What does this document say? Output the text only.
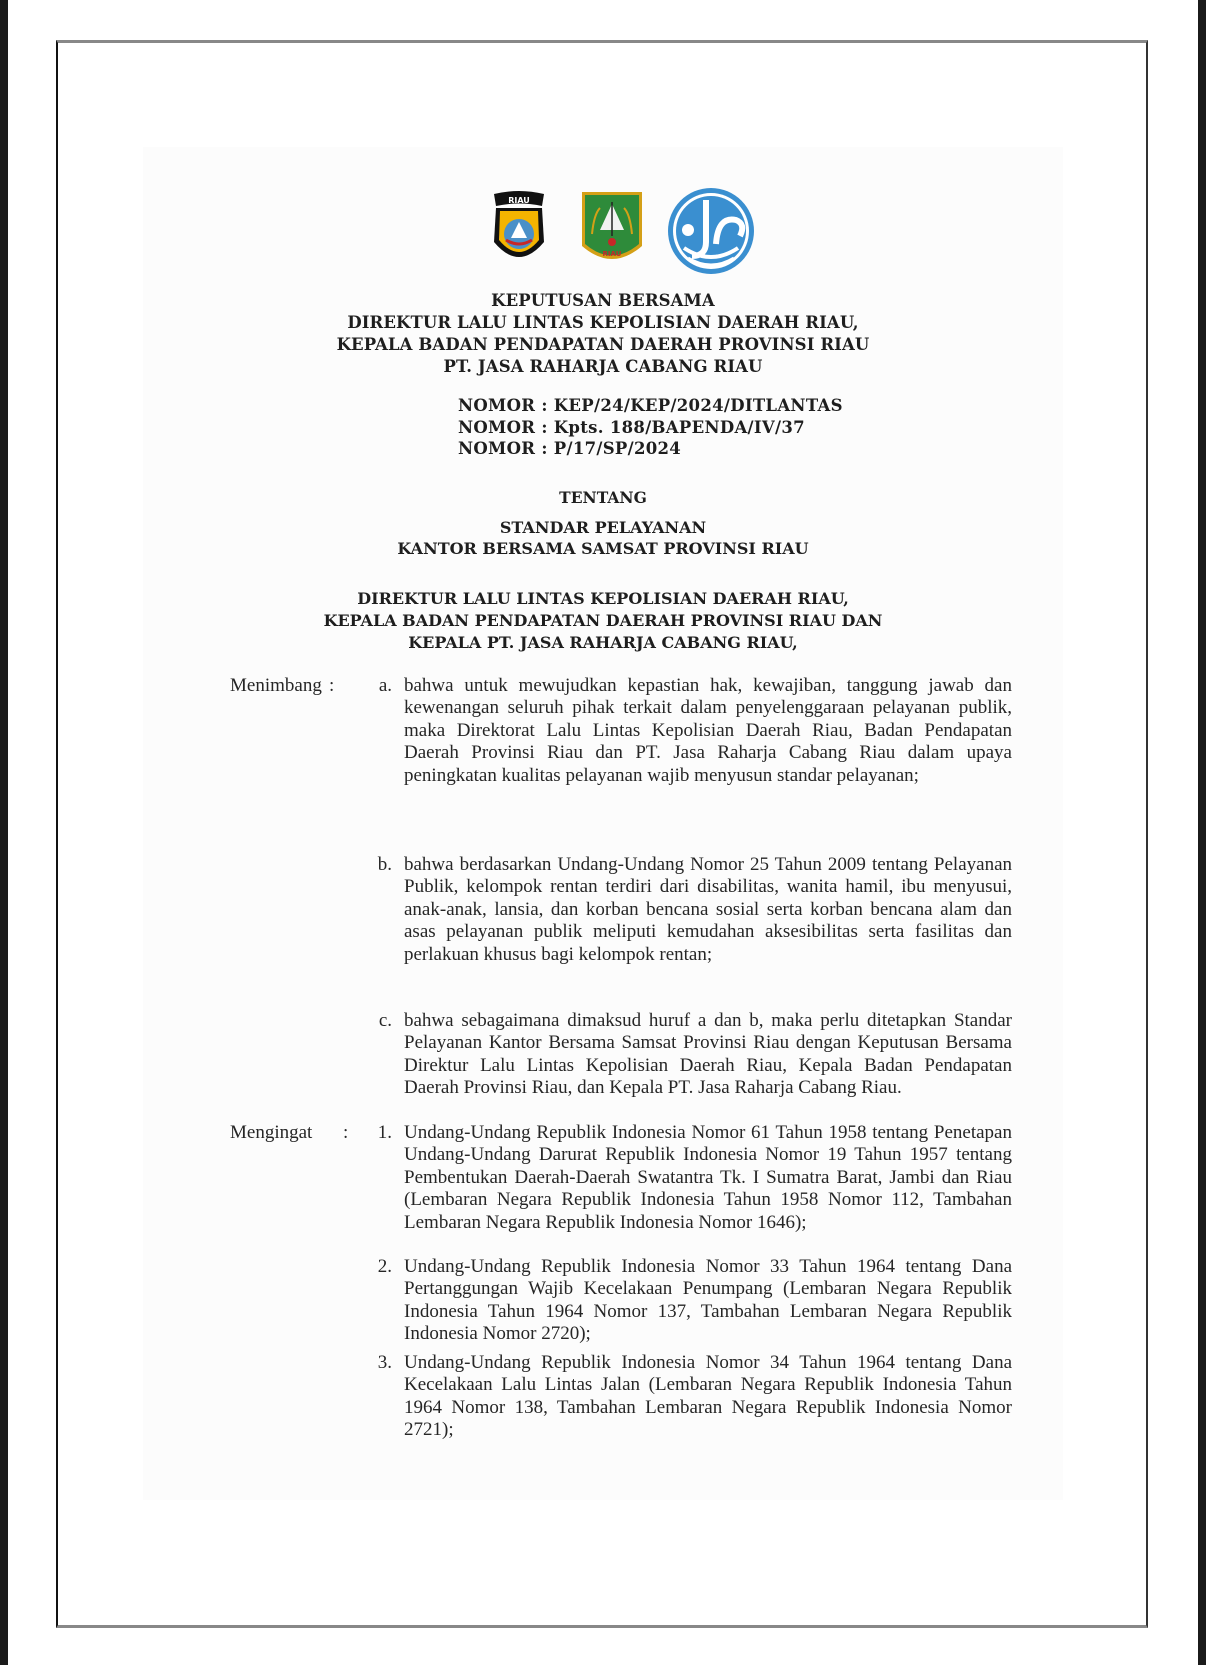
RIAU
RIAU
KEPUTUSAN BERSAMA
DIREKTUR LALU LINTAS KEPOLISIAN DAERAH RIAU,
KEPALA BADAN PENDAPATAN DAERAH PROVINSI RIAU
PT. JASA RAHARJA CABANG RIAU
NOMOR : KEP/24/KEP/2024/DITLANTAS
NOMOR : Kpts. 188/BAPENDA/IV/37
NOMOR : P/17/SP/2024
TENTANG
STANDAR PELAYANAN
KANTOR BERSAMA SAMSAT PROVINSI RIAU
DIREKTUR LALU LINTAS KEPOLISIAN DAERAH RIAU,
KEPALA BADAN PENDAPATAN DAERAH PROVINSI RIAU DAN
KEPALA PT. JASA RAHARJA CABANG RIAU,
Menimbang :	a. bahwa untuk mewujudkan kepastian hak, kewajiban, tanggung jawab dan kewenangan seluruh pihak terkait dalam penyelenggaraan pelayanan publik, maka Direktorat Lalu Lintas Kepolisian Daerah Riau, Badan Pendapatan Daerah Provinsi Riau dan PT. Jasa Raharja Cabang Riau dalam upaya peningkatan kualitas pelayanan wajib menyusun standar pelayanan;
b. bahwa berdasarkan Undang-Undang Nomor 25 Tahun 2009 tentang Pelayanan Publik, kelompok rentan terdiri dari disabilitas, wanita hamil, ibu menyusui, anak-anak, lansia, dan korban bencana sosial serta korban bencana alam dan asas pelayanan publik meliputi kemudahan aksesibilitas serta fasilitas dan perlakuan khusus bagi kelompok rentan;
c. bahwa sebagaimana dimaksud huruf a dan b, maka perlu ditetapkan Standar Pelayanan Kantor Bersama Samsat Provinsi Riau dengan Keputusan Bersama Direktur Lalu Lintas Kepolisian Daerah Riau, Kepala Badan Pendapatan Daerah Provinsi Riau, dan Kepala PT. Jasa Raharja Cabang Riau.
Mengingat :	1. Undang-Undang Republik Indonesia Nomor 61 Tahun 1958 tentang Penetapan Undang-Undang Darurat Republik Indonesia Nomor 19 Tahun 1957 tentang Pembentukan Daerah-Daerah Swatantra Tk. I Sumatra Barat, Jambi dan Riau (Lembaran Negara Republik Indonesia Tahun 1958 Nomor 112, Tambahan Lembaran Negara Republik Indonesia Nomor 1646);
2. Undang-Undang Republik Indonesia Nomor 33 Tahun 1964 tentang Dana Pertanggungan Wajib Kecelakaan Penumpang (Lembaran Negara Republik Indonesia Tahun 1964 Nomor 137, Tambahan Lembaran Negara Republik Indonesia Nomor 2720);
3. Undang-Undang Republik Indonesia Nomor 34 Tahun 1964 tentang Dana Kecelakaan Lalu Lintas Jalan (Lembaran Negara Republik Indonesia Tahun 1964 Nomor 138, Tambahan Lembaran Negara Republik Indonesia Nomor 2721);
